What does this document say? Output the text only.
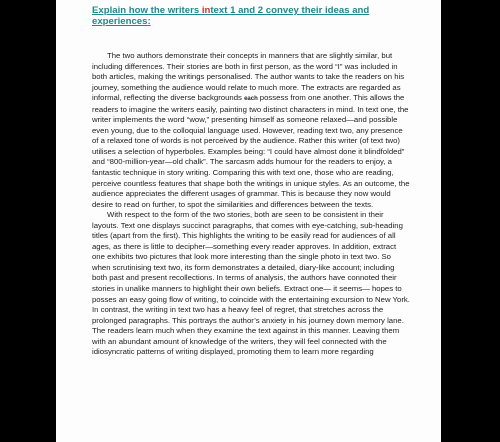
Explain how the writers intext 1 and 2 convey their ideas and experiences:

The two authors demonstrate their concepts in manners that are slightly similar, but including differences. Their stories are both in first person, as the word “I” was included in both articles, making the writings personalised. The author wants to take the readers on his journey, something the audience would relate to much more. The extracts are regarded as informal, reflecting the diverse backgrounds each possess from one another. This allows the readers to imagine the writers easily, painting two distinct characters in mind. In text one, the writer implements the word “wow,” presenting himself as someone relaxed—and possible even young, due to the colloquial language used. However, reading text two, any presence of a relaxed tone of words is not perceived by the audience. Rather this writer (of text two) utilises a selection of hyperboles. Examples being: “I could have almost done it blindfolded” and “800-million-year—old chalk”. The sarcasm adds humour for the readers to enjoy, a fantastic technique in story writing. Comparing this with text one, those who are reading, perceive countless features that shape both the writings in unique styles. As an outcome, the audience appreciates the different usages of grammar. This is because they now would desire to read on further, to spot the similarities and differences between the texts.

With respect to the form of the two stories, both are seen to be consistent in their layouts. Text one displays succinct paragraphs, that comes with eye-catching, sub-heading titles (apart from the first). This highlights the writing to be easily read for audiences of all ages, as there is little to decipher—something every reader approves. In addition, extract one exhibits two pictures that look more interesting than the single photo in text two. So when scrutinising text two, its form demonstrates a detailed, diary-like account; including both past and present recollections. In terms of analysis, the authors have connoted their stories in unalike manners to highlight their own beliefs. Extract one— it seems— hopes to posses an easy going flow of writing, to coincide with the entertaining excursion to New York. In contrast, the writing in text two has a heavy feel of regret, that stretches across the prolonged paragraphs. This portrays the author’s anxiety in his journey down memory lane. The readers learn much when they examine the text against in this manner. Leaving them with an abundant amount of knowledge of the writers, they will feel connected with the idiosyncratic patterns of writing displayed, promoting them to learn more regarding
